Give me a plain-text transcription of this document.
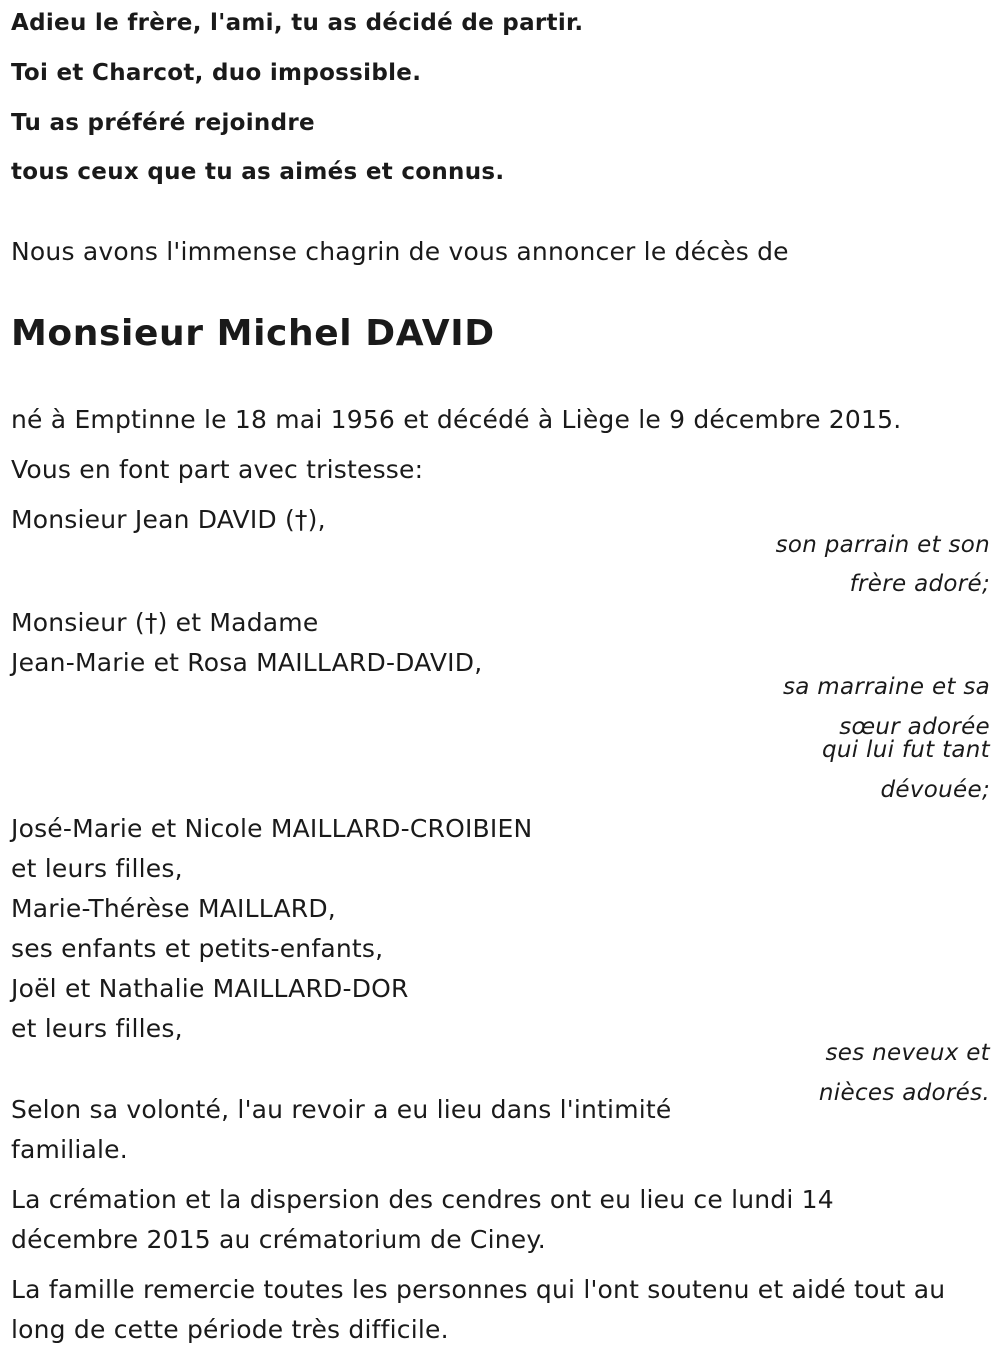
Adieu le frère, l'ami, tu as décidé de partir.

Toi et Charcot, duo impossible.

Tu as préféré rejoindre

tous ceux que tu as aimés et connus.

Nous avons l'immense chagrin de vous annoncer le décès de

Monsieur Michel DAVID

né à Emptinne le 18 mai 1956 et décédé à Liège le 9 décembre 2015.

Vous en font part avec tristesse:

Monsieur Jean DAVID (†),

son parrain et son

frère adoré;

Monsieur (†) et Madame

Jean-Marie et Rosa MAILLARD-DAVID,

sa marraine et sa

sœur adorée

qui lui fut tant

dévouée;

José-Marie et Nicole MAILLARD-CROIBIEN

et leurs filles,

Marie-Thérèse MAILLARD,

ses enfants et petits-enfants,

Joël et Nathalie MAILLARD-DOR

et leurs filles,

ses neveux et

nièces adorés.

Selon sa volonté, l'au revoir a eu lieu dans l'intimité familiale.

La crémation et la dispersion des cendres ont eu lieu ce lundi 14 décembre 2015 au crématorium de Ciney.

La famille remercie toutes les personnes qui l'ont soutenu et aidé tout au long de cette période très difficile.
